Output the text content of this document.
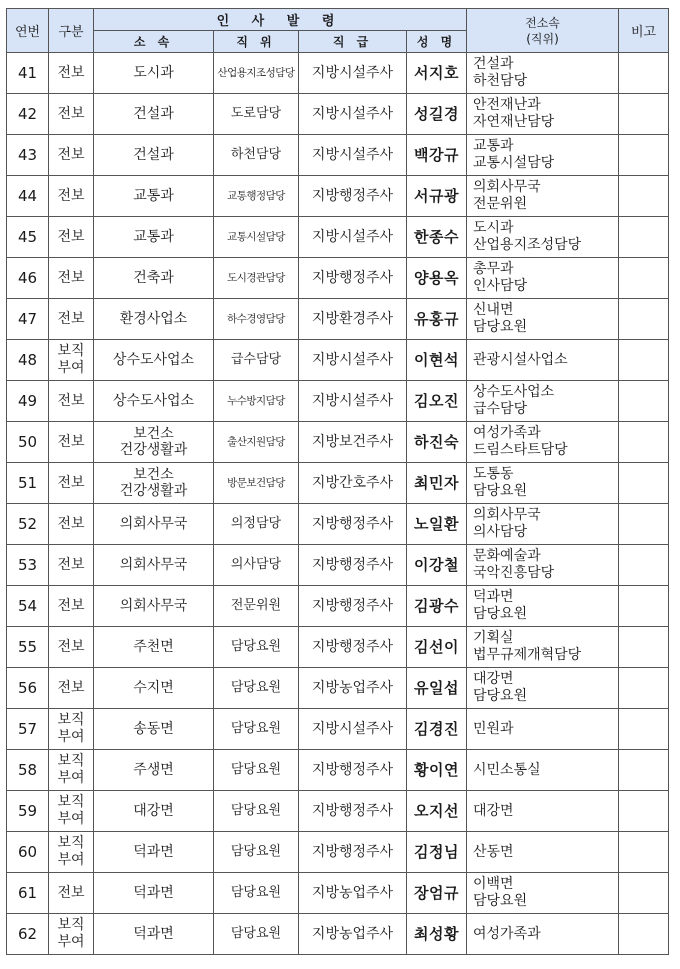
연번	구분	인 사 발 령				전소속
(직위)	비고
		소 속	직 위	직 급	성 명		
41	전보	도시과	산업용지조성담당	지방시설주사	서지호	건설과
하천담당	

42	전보	건설과	도로담당	지방시설주사	성길경	안전재난과
자연재난담당	

43	전보	건설과	하천담당	지방시설주사	백강규	교통과
교통시설담당	

44	전보	교통과	교통행정담당	지방행정주사	서규광	의회사무국
전문위원	

45	전보	교통과	교통시설담당	지방시설주사	한종수	도시과
산업용지조성담당	

46	전보	건축과	도시경관담당	지방행정주사	양용옥	총무과
인사담당	

47	전보	환경사업소	하수경영담당	지방환경주사	유홍규	신내면
담당요원	

48	보직
부여	상수도사업소	급수담당	지방시설주사	이현석	관광시설사업소	

49	전보	상수도사업소	누수방지담당	지방시설주사	김오진	상수도사업소
급수담당	

50	전보	보건소
건강생활과	출산지원담당	지방보건주사	하진숙	여성가족과
드림스타트담당	

51	전보	보건소
건강생활과	방문보건담당	지방간호주사	최민자	도통동
담당요원	

52	전보	의회사무국	의정담당	지방행정주사	노일환	의회사무국
의사담당	

53	전보	의회사무국	의사담당	지방행정주사	이강철	문화예술과
국악진흥담당	

54	전보	의회사무국	전문위원	지방행정주사	김광수	덕과면
담당요원	

55	전보	주천면	담당요원	지방행정주사	김선이	기획실
법무규제개혁담당	

56	전보	수지면	담당요원	지방농업주사	유일섭	대강면
담당요원	

57	보직
부여	송동면	담당요원	지방시설주사	김경진	민원과	

58	보직
부여	주생면	담당요원	지방행정주사	황이연	시민소통실	

59	보직
부여	대강면	담당요원	지방행정주사	오지선	대강면	

60	보직
부여	덕과면	담당요원	지방행정주사	김정님	산동면	

61	전보	덕과면	담당요원	지방농업주사	장엄규	이백면
담당요원	

62	보직
부여	덕과면	담당요원	지방농업주사	최성황	여성가족과	
